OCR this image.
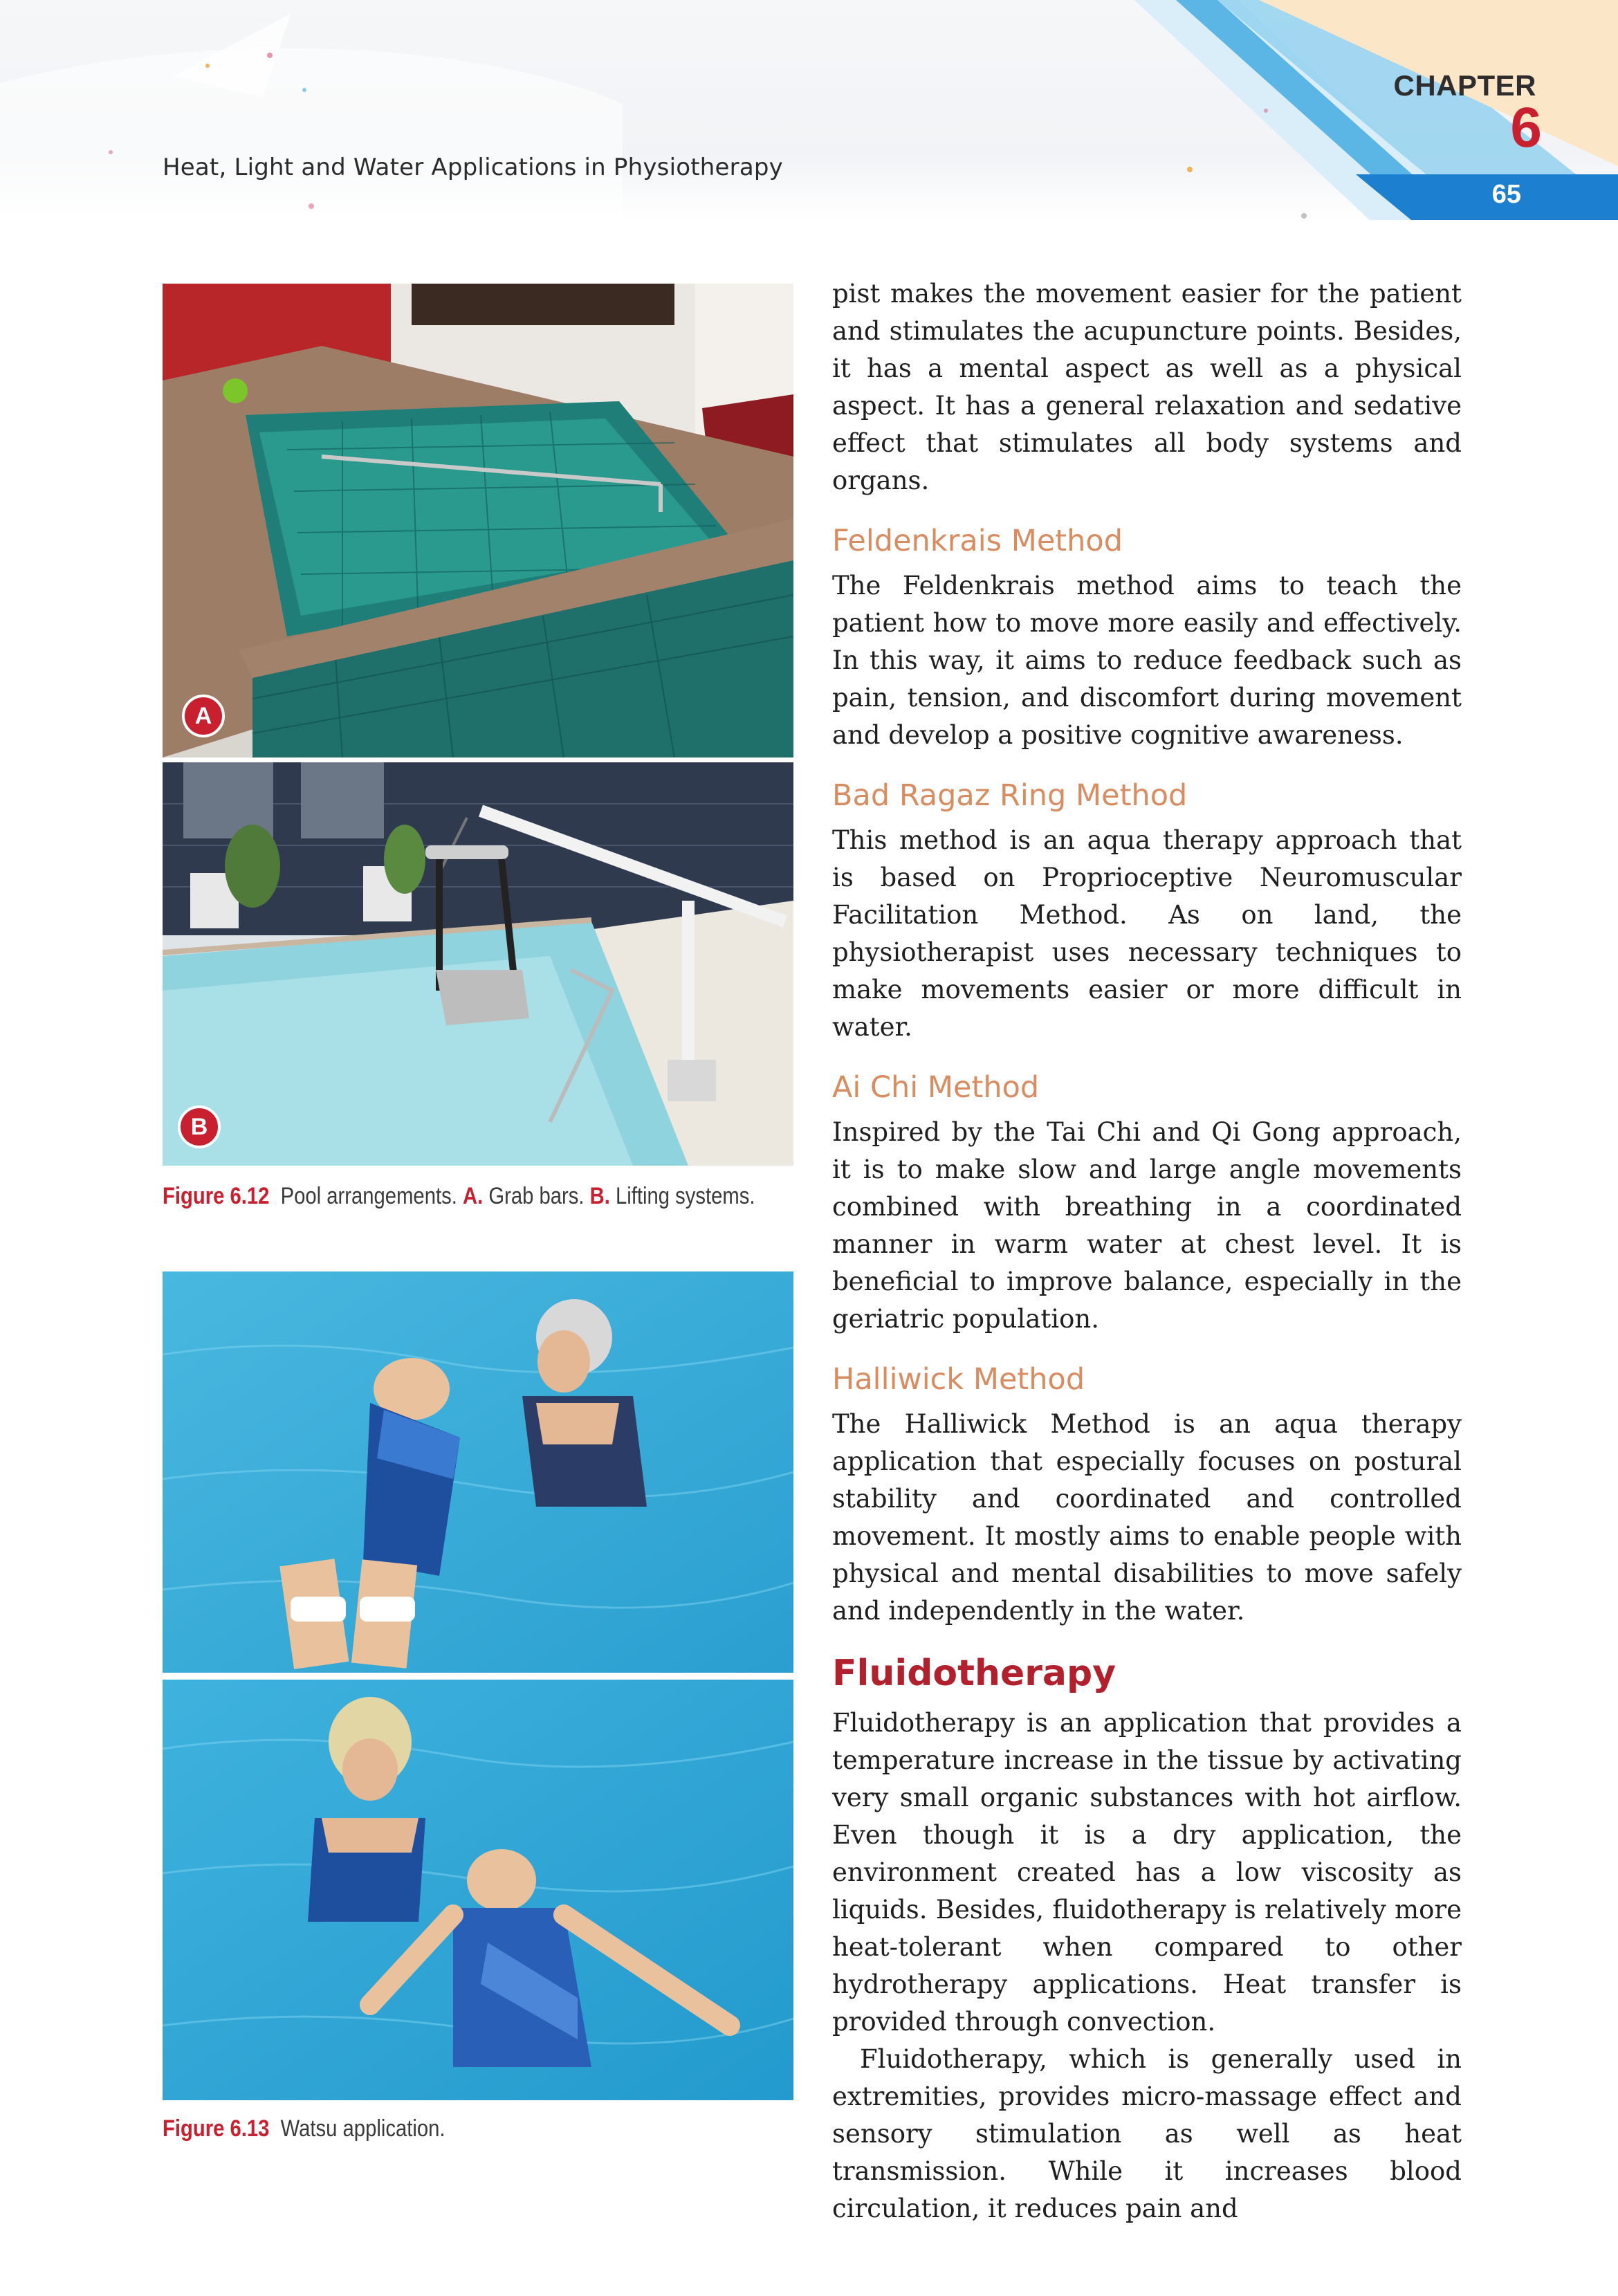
Heat, Light and Water Applications in Physiotherapy
CHAPTER
6
65
A
B
Figure 6.12 Pool arrangements. A. Grab bars. B. Lifting systems.
Figure 6.13 Watsu application.

pist makes the movement easier for the patient and stimulates the acupuncture points. Besides, it has a mental aspect as well as a physical aspect. It has a general relaxation and sedative effect that stimulates all body systems and organs.

Feldenkrais Method

The Feldenkrais method aims to teach the patient how to move more easily and effectively. In this way, it aims to reduce feedback such as pain, tension, and discomfort during movement and develop a positive cognitive awareness.

Bad Ragaz Ring Method

This method is an aqua therapy approach that is based on Proprioceptive Neuromuscular Facilitation Method. As on land, the physiotherapist uses necessary techniques to make movements easier or more difficult in water.

Ai Chi Method

Inspired by the Tai Chi and Qi Gong approach, it is to make slow and large angle movements combined with breathing in a coordinated manner in warm water at chest level. It is beneficial to improve balance, especially in the geriatric population.

Halliwick Method

The Halliwick Method is an aqua therapy application that especially focuses on postural stability and coordinated and controlled movement. It mostly aims to enable people with physical and mental disabilities to move safely and independently in the water.

Fluidotherapy

Fluidotherapy is an application that provides a temperature increase in the tissue by activating very small organic substances with hot airflow. Even though it is a dry application, the environment created has a low viscosity as liquids. Besides, fluidotherapy is relatively more heat-tolerant when compared to other hydrotherapy applications. Heat transfer is provided through convection.

Fluidotherapy, which is generally used in extremities, provides micro-massage effect and sensory stimulation as well as heat transmission. While it increases blood circulation, it reduces pain and
